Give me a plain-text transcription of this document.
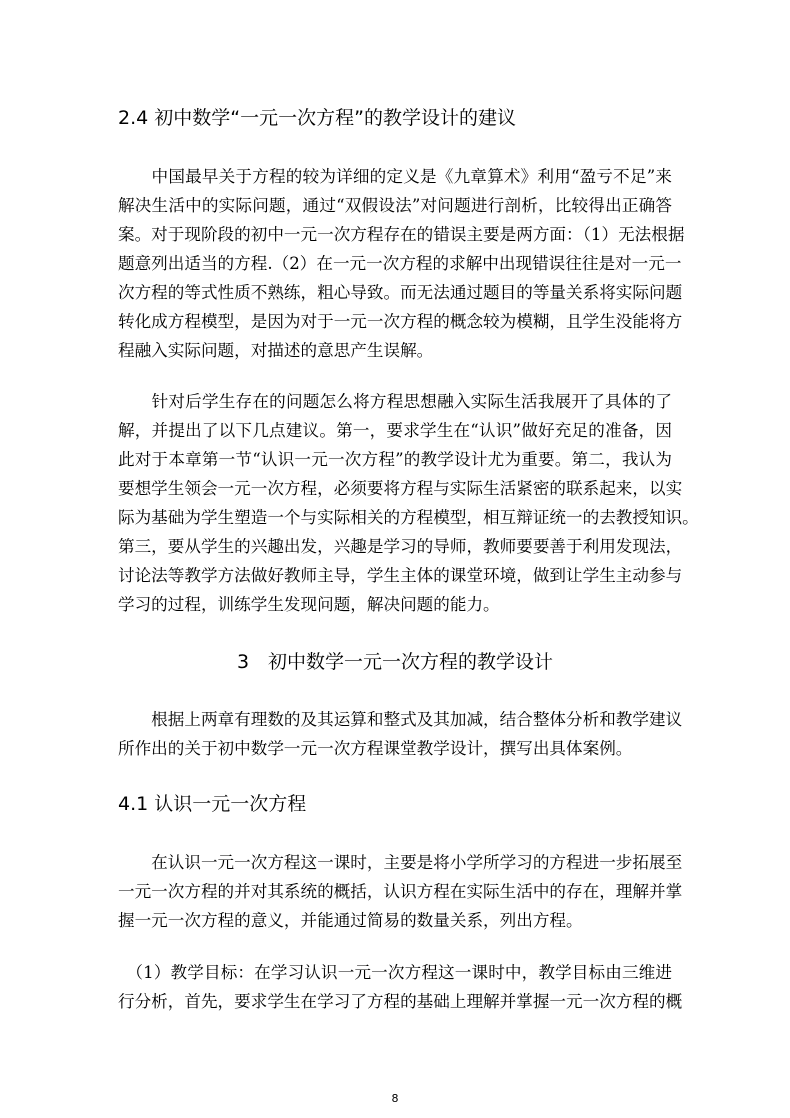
2.4 初中数学“一元一次方程”的教学设计的建议
　　中国最早关于方程的较为详细的定义是《九章算术》利用“盈亏不足”来
解决生活中的实际问题，通过“双假设法”对问题进行剖析，比较得出正确答
案。对于现阶段的初中一元一次方程存在的错误主要是两方面：（1）无法根据
题意列出适当的方程.（2）在一元一次方程的求解中出现错误往往是对一元一
次方程的等式性质不熟练，粗心导致。而无法通过题目的等量关系将实际问题
转化成方程模型，是因为对于一元一次方程的概念较为模糊，且学生没能将方
程融入实际问题，对描述的意思产生误解。
　　针对后学生存在的问题怎么将方程思想融入实际生活我展开了具体的了
解，并提出了以下几点建议。第一，要求学生在“认识”做好充足的准备，因
此对于本章第一节“认识一元一次方程”的教学设计尤为重要。第二，我认为
要想学生领会一元一次方程，必须要将方程与实际生活紧密的联系起来，以实
际为基础为学生塑造一个与实际相关的方程模型，相互辩证统一的去教授知识。
第三，要从学生的兴趣出发，兴趣是学习的导师，教师要要善于利用发现法，
讨论法等教学方法做好教师主导，学生主体的课堂环境，做到让学生主动参与
学习的过程，训练学生发现问题，解决问题的能力。
3　初中数学一元一次方程的教学设计
　　根据上两章有理数的及其运算和整式及其加减，结合整体分析和教学建议
所作出的关于初中数学一元一次方程课堂教学设计，撰写出具体案例。
4.1 认识一元一次方程
　　在认识一元一次方程这一课时，主要是将小学所学习的方程进一步拓展至
一元一次方程的并对其系统的概括，认识方程在实际生活中的存在，理解并掌
握一元一次方程的意义，并能通过简易的数量关系，列出方程。
　（1）教学目标：在学习认识一元一次方程这一课时中，教学目标由三维进
行分析，首先，要求学生在学习了方程的基础上理解并掌握一元一次方程的概
8
